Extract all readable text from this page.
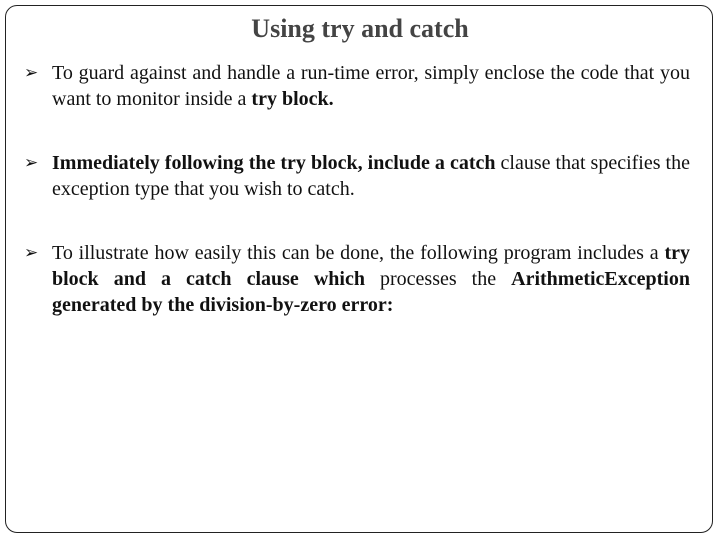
Using try and catch
➢ To guard against and handle a run-time error, simply enclose the code that you want to monitor inside a try block.
➢ Immediately following the try block, include a catch clause that specifies the exception type that you wish to catch.
➢ To illustrate how easily this can be done, the following program includes a try block and a catch clause which processes the ArithmeticException generated by the division-by-zero error:
